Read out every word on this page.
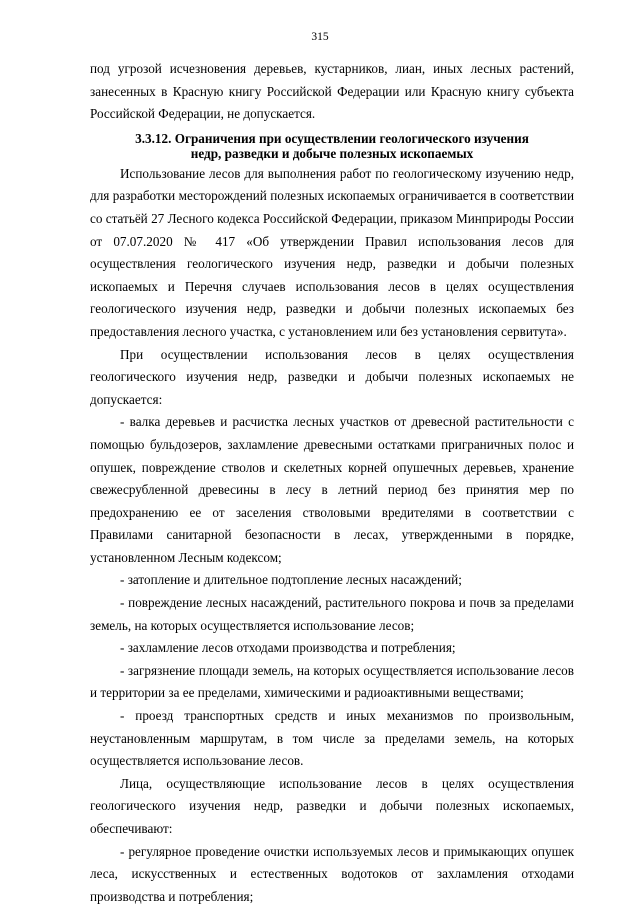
315

под угрозой исчезновения деревьев, кустарников, лиан, иных лесных растений, занесенных в Красную книгу Российской Федерации или Красную книгу субъекта Российской Федерации, не допускается.

3.3.12. Ограничения при осуществлении геологического изучения
недр, разведки и добыче полезных ископаемых

Использование лесов для выполнения работ по геологическому изучению недр, для разработки месторождений полезных ископаемых ограничивается в соответствии со статьёй 27 Лесного кодекса Российской Федерации, приказом Минприроды России от 07.07.2020 № 417 «Об утверждении Правил использования лесов для осуществления геологического изучения недр, разведки и добычи полезных ископаемых и Перечня случаев использования лесов в целях осуществления геологического изучения недр, разведки и добычи полезных ископаемых без предоставления лесного участка, с установлением или без установления сервитута».

При осуществлении использования лесов в целях осуществления геологического изучения недр, разведки и добычи полезных ископаемых не допускается:

- валка деревьев и расчистка лесных участков от древесной растительности с помощью бульдозеров, захламление древесными остатками приграничных полос и опушек, повреждение стволов и скелетных корней опушечных деревьев, хранение свежесрубленной древесины в лесу в летний период без принятия мер по предохранению ее от заселения стволовыми вредителями в соответствии с Правилами санитарной безопасности в лесах, утвержденными в порядке, установленном Лесным кодексом;

- затопление и длительное подтопление лесных насаждений;

- повреждение лесных насаждений, растительного покрова и почв за пределами земель, на которых осуществляется использование лесов;

- захламление лесов отходами производства и потребления;

- загрязнение площади земель, на которых осуществляется использование лесов и территории за ее пределами, химическими и радиоактивными веществами;

- проезд транспортных средств и иных механизмов по произвольным, неустановленным маршрутам, в том числе за пределами земель, на которых осуществляется использование лесов.

Лица, осуществляющие использование лесов в целях осуществления геологического изучения недр, разведки и добычи полезных ископаемых, обеспечивают:

- регулярное проведение очистки используемых лесов и примыкающих опушек леса, искусственных и естественных водотоков от захламления отходами производства и потребления;
